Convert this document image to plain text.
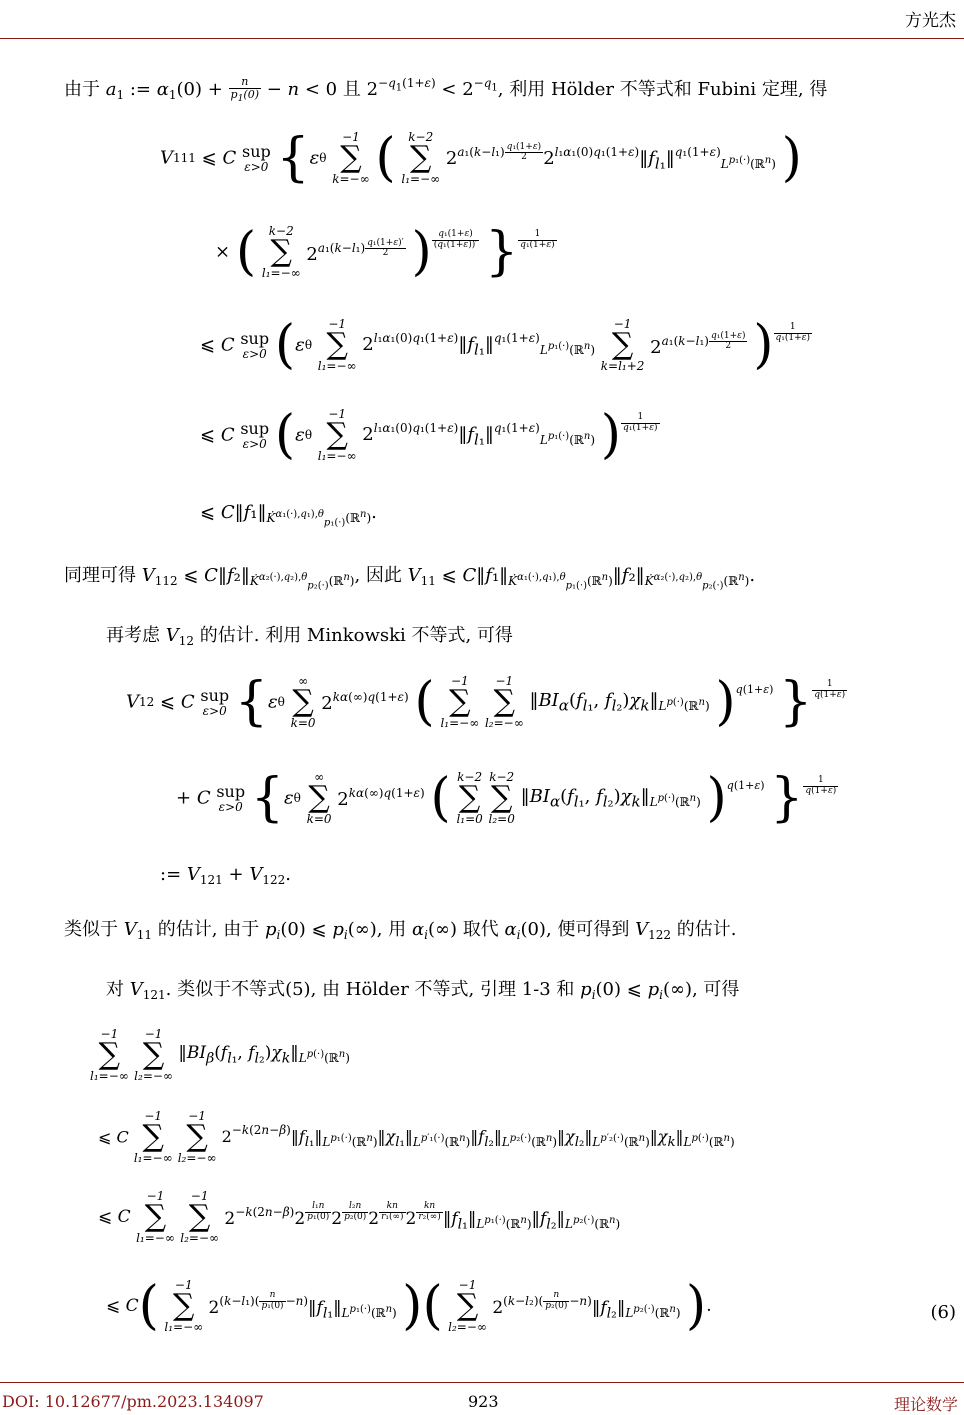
方光杰
由于 $a_1$ := $\alpha_1(0) + \frac{n}{p_1(0)} - n < 0$ 且 $2^{-q_1(1+\varepsilon)} < 2^{-q_1}$, 利用 Hölder 不等式和 Fubini 定理, 得
V111 ⩽ C sup
ε>0 {εθ
−1
∑
k=−∞ (	k−2
∑
l₁=−∞
$2^{a_1(k-l_1) \frac{\text{q₁(1+ε)}}{2}}$ $2^{l_1\alpha_1(0)q_1(1+\varepsilon)}‖f_{l_1}‖^{q_1(1+\varepsilon)}_{L^{p_1(\cdot)}(ℝ^n)}$ )
× (	k−2
∑
l₁=−∞
$2^{a_1(k-l_1) \frac{\text{q₁(1+ε)′}}{2}}$ ) $^{\frac{\text{q₁(1+ε)}}{\text{(q₁(1+ε))′}}}$ } $^{\frac{1}{\text{q₁(1+ε)}}}$
⩽ C sup
ε>0 (εθ
−1
∑
l₁=−∞
$2^{l_1\alpha_1(0)q_1(1+\varepsilon)}‖f_{l_1}‖^{q_1(1+\varepsilon)}_{L^{p_1(\cdot)}(ℝ^n)}$
−1
∑
k=l₁+2
$2^{a_1(k-l_1) \frac{\text{q₁(1+ε)}}{2}}$ ) $^{\frac{1}{\text{q₁(1+ε)}}}$
⩽ C sup
ε>0 (εθ
−1
∑
l₁=−∞
$2^{l_1\alpha_1(0)q_1(1+\varepsilon)}‖f_{l_1}‖^{q_1(1+\varepsilon)}_{L^{p_1(\cdot)}(ℝ^n)}$ ) $^{\frac{1}{\text{q₁(1+ε)}}}$
⩽ $C‖f_1‖_{K̇^{\alpha_1(\cdot),q_1),\theta}_{p_1(\cdot)}(ℝ^n)}$.
同理可得 $V_{112}$ ⩽ $C‖f_2‖_{K̇^{\alpha_2(\cdot),q_2),\theta}_{p_2(\cdot)}(ℝ^n)}$, 因此 $V_{11}$ ⩽ $C‖f_1‖_{K̇^{\alpha_1(\cdot),q_1),\theta}_{p_1(\cdot)}(ℝ^n)}‖f_2‖_{K̇^{\alpha_2(\cdot),q_2),\theta}_{p_2(\cdot)}(ℝ^n)}$.
再考虑 $V_{12}$ 的估计. 利用 Minkowski 不等式, 可得
V12 ⩽ C sup
ε>0 {εθ
∞
∑
k=0
$2^{k\alpha(\infty)q(1+\varepsilon)}$ (	−1
∑
l₁=−∞

−1
∑
l₂=−∞
$‖BI_\alpha(f_{l_1}$, $f_{l_2})\chi_k‖_{L^{p(\cdot)}(ℝ^n)}$ )$^{q(1+\varepsilon)}$ } $^{\frac{1}{q(1+\varepsilon)}}$
+ C sup
ε>0 {εθ
∞
∑
k=0
$2^{k\alpha(\infty)q(1+\varepsilon)}$ ( k−2
∑
l₁=0

k−2
∑
l₂=0
$‖BI_\alpha(f_{l_1}$, $f_{l_2})\chi_k‖_{L^{p(\cdot)}(ℝ^n)}$ )$^{q(1+\varepsilon)}$ } $^{\frac{1}{q(1+\varepsilon)}}$
:= $V_{121} + V_{122}$.
类似于 $V_{11}$ 的估计, 由于 $p_i(0)$ ⩽ $p_i(\infty)$, 用 $\alpha_i(\infty)$ 取代 $\alpha_i(0)$, 便可得到 $V_{122}$ 的估计.
对 $V_{121}$. 类似于不等式(5), 由 Hölder 不等式, 引理 1-3 和 $p_i(0)$ ⩽ $p_i(\infty)$, 可得
−1
∑
l₁=−∞

−1
∑
l₂=−∞
$‖BI_\beta(f_{l_1}$, $f_{l_2})\chi_k‖_{L^{p(\cdot)}(ℝ^n)}$
⩽ C
−1
∑
l₁=−∞

−1
∑
l₂=−∞
$2^{-k(2n-\beta)}‖f_{l_1}‖_{L^{p_1(\cdot)}(ℝ^n)}‖\chi_{l_1}‖_{L^{p'_1(\cdot)}(ℝ^n)}‖f_{l_2}‖_{L^{p_2(\cdot)}(ℝ^n)}‖\chi_{l_2}‖_{L^{p'_2(\cdot)}(ℝ^n)}‖\chi_k‖_{L^{p(\cdot)}(ℝ^n)}$
⩽ C
−1
∑
l₁=−∞

−1
∑
l₂=−∞
$2^{-k(2n-\beta)}2$ $^{\frac{\text{l₁n}}{\text{p₁(0)}}}$ 2 $^{\frac{\text{l₂n}}{\text{p₂(0)}}}$ 2 $^{\frac{kn}{\text{r₁(∞)}}}$ 2 $^{\frac{kn}{\text{r₂(∞)}}}$ $‖f_{l_1}‖_{L^{p_1(\cdot)}(ℝ^n)}‖f_{l_2}‖_{L^{p_2(\cdot)}(ℝ^n)}$
⩽ C(	−1
∑
l₁=−∞
$2^{(k-l_1)( \frac{n}{\text{p₁(0)}} -n)}‖f_{l_1}‖_{L^{p_1(\cdot)}(ℝ^n)}$ )(	−1
∑
l₂=−∞
$2^{(k-l_2)( \frac{n}{\text{p₂(0)}} -n)}‖f_{l_2}‖_{L^{p_2(\cdot)}(ℝ^n)}$ ).	(6)
DOI: 10.12677/pm.2023.134097	923	理论数学
